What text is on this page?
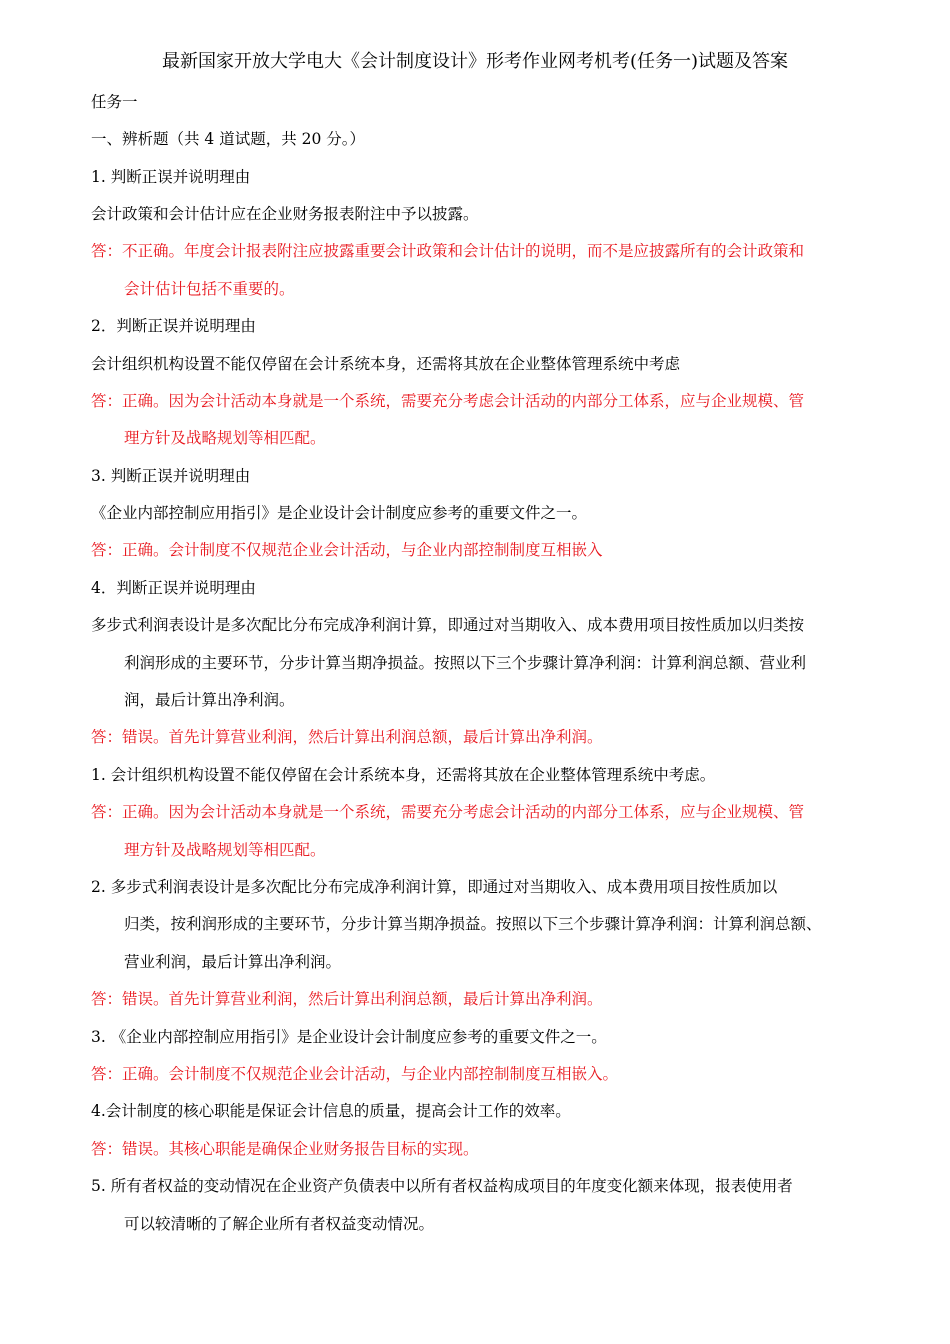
最新国家开放大学电大《会计制度设计》形考作业网考机考(任务一)试题及答案
任务一
一、辨析题（共 4 道试题，共 20 分。）
1. 判断正误并说明理由
会计政策和会计估计应在企业财务报表附注中予以披露。
答：不正确。年度会计报表附注应披露重要会计政策和会计估计的说明，而不是应披露所有的会计政策和
会计估计包括不重要的。
2．判断正误并说明理由
会计组织机构设置不能仅停留在会计系统本身，还需将其放在企业整体管理系统中考虑
答：正确。因为会计活动本身就是一个系统，需要充分考虑会计活动的内部分工体系，应与企业规模、管
理方针及战略规划等相匹配。
3. 判断正误并说明理由
《企业内部控制应用指引》是企业设计会计制度应参考的重要文件之一。
答：正确。会计制度不仅规范企业会计活动，与企业内部控制制度互相嵌入
4．判断正误并说明理由
多步式利润表设计是多次配比分布完成净利润计算，即通过对当期收入、成本费用项目按性质加以归类按
利润形成的主要环节，分步计算当期净损益。按照以下三个步骤计算净利润：计算利润总额、营业利
润，最后计算出净利润。
答：错误。首先计算营业利润，然后计算出利润总额，最后计算出净利润。
1. 会计组织机构设置不能仅停留在会计系统本身，还需将其放在企业整体管理系统中考虑。
答：正确。因为会计活动本身就是一个系统，需要充分考虑会计活动的内部分工体系，应与企业规模、管
理方针及战略规划等相匹配。
2. 多步式利润表设计是多次配比分布完成净利润计算，即通过对当期收入、成本费用项目按性质加以
归类，按利润形成的主要环节，分步计算当期净损益。按照以下三个步骤计算净利润：计算利润总额、
营业利润，最后计算出净利润。
答：错误。首先计算营业利润，然后计算出利润总额，最后计算出净利润。
3. 《企业内部控制应用指引》是企业设计会计制度应参考的重要文件之一。
答：正确。会计制度不仅规范企业会计活动，与企业内部控制制度互相嵌入。
4.会计制度的核心职能是保证会计信息的质量，提高会计工作的效率。
答：错误。其核心职能是确保企业财务报告目标的实现。
5. 所有者权益的变动情况在企业资产负债表中以所有者权益构成项目的年度变化额来体现，报表使用者
可以较清晰的了解企业所有者权益变动情况。
